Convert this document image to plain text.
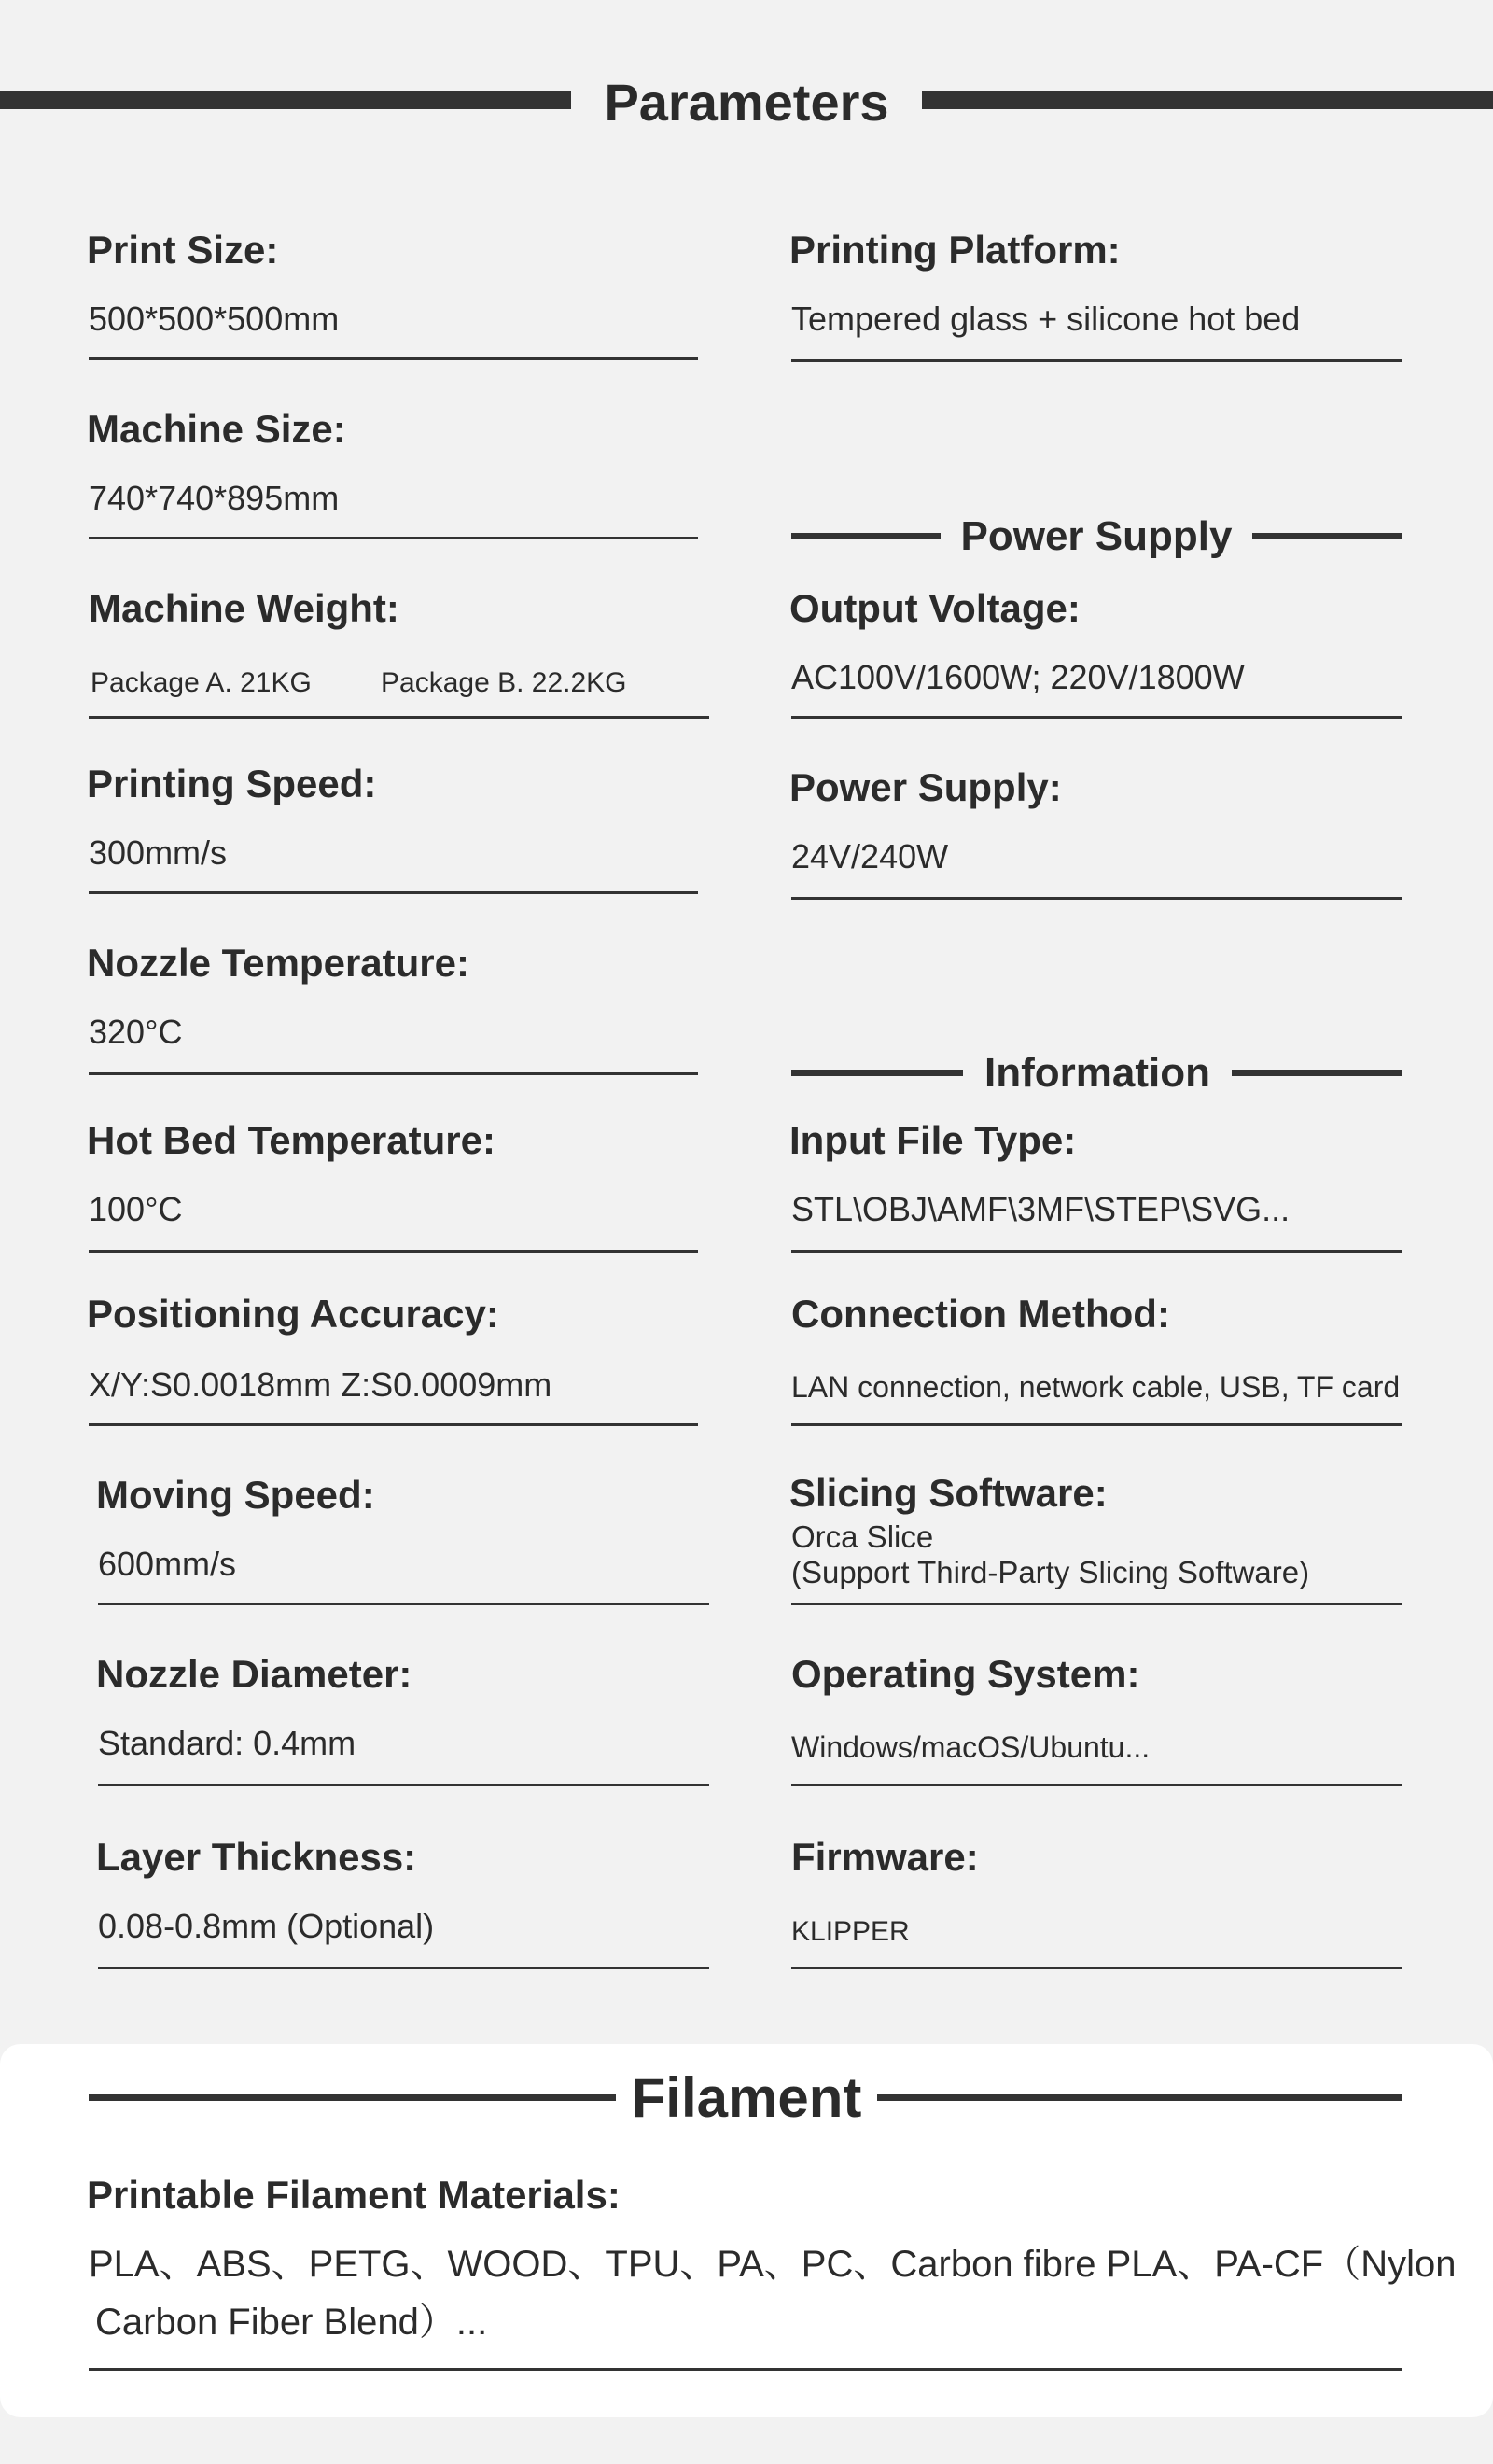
Parameters
Print Size:
500*500*500mm
Machine Size:
740*740*895mm
Machine Weight:
Package A. 21KG Package B. 22.2KG
Printing Speed:
300mm/s
Nozzle Temperature:
320°C
Hot Bed Temperature:
100°C
Positioning Accuracy:
X/Y:S0.0018mm Z:S0.0009mm
Moving Speed:
600mm/s
Nozzle Diameter:
Standard: 0.4mm
Layer Thickness:
0.08-0.8mm (Optional)
Printing Platform:
Tempered glass + silicone hot bed
Power Supply
Output Voltage:
AC100V/1600W; 220V/1800W
Power Supply:
24V/240W
Information
Input File Type:
STL\OBJ\AMF\3MF\STEP\SVG...
Connection Method:
LAN connection, network cable, USB, TF card
Slicing Software:
Orca Slice
(Support Third-Party Slicing Software)
Operating System:
Windows/macOS/Ubuntu...
Firmware:
KLIPPER
Filament
Printable Filament Materials:
PLA、ABS、PETG、WOOD、TPU、PA、PC、Carbon fibre PLA、PA-CF（Nylon
Carbon Fiber Blend）...
